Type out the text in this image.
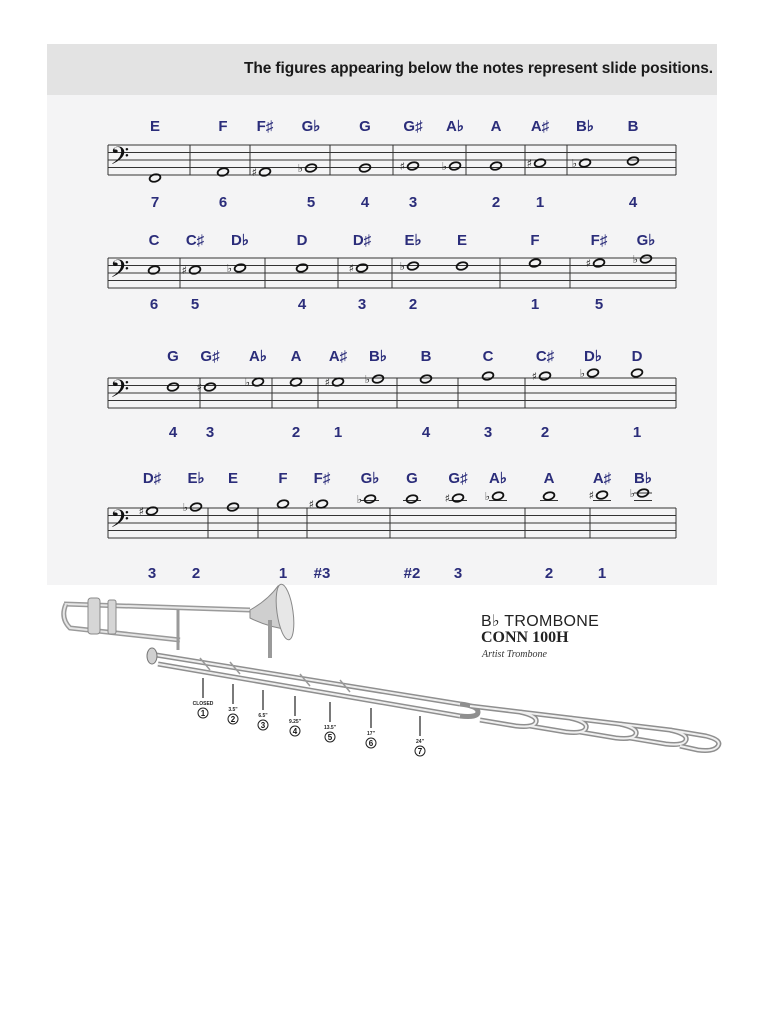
The figures appearing below the notes represent slide positions.
𝄢
E
7
F
6
F♯
♯
G♭
♭
5
G
4
G♯
♯
3
A♭
♭
A
2
A♯
♯
1
B♭
♭
B
4
𝄢
C
6
C♯
♯
5
D♭
♭
D
4
D♯
♯
3
E♭
♭
2
E	F
1
F♯
♯
5
G♭
♭
𝄢
G
4
G♯
♯
3
A♭
♭
A
2
A♯
♯
1
B♭
♭
B
4
C
3
C♯
♯
2
D♭
♭
D
1
𝄢
D♯
♯
3
E♭
♭
2
E	F
1
F♯
♯
#3
G♭
♭
G
#2
G♯
♯
3
A♭
♭
A
2
A♯
♯
1
B♭
♭
CLOSED
1	3.5"
2	6.5"
3	9.25"
4	13.5"
5	17"
6	24"
7
B♭ TROMBONE
CONN 100H
Artist Trombone
